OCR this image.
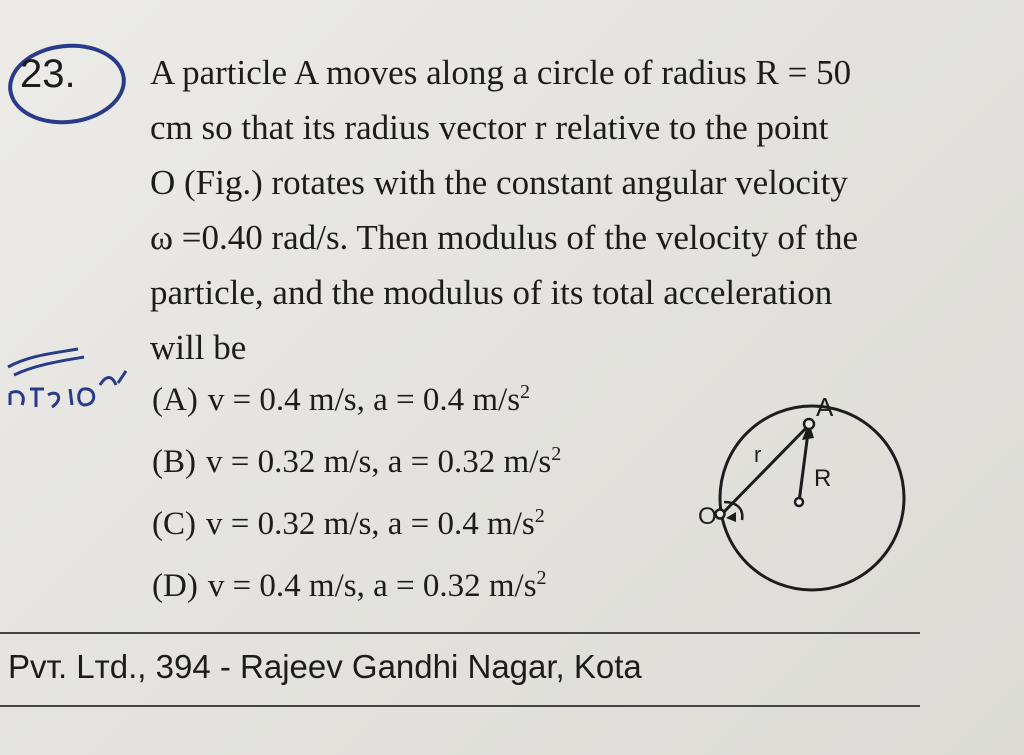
23. A particle A moves along a circle of radius R = 50
cm so that its radius vector r relative to the point
O (Fig.) rotates with the constant angular velocity
ω =0.40 rad/s. Then modulus of the velocity of the
particle, and the modulus of its total acceleration
will be

(A) v = 0.4 m/s, a = 0.4 $m/s^2$
(B) v = 0.32 m/s, a = 0.32 $m/s^2$
(C) v = 0.32 m/s, a = 0.4 $m/s^2$
(D) v = 0.4 m/s, a = 0.32 $m/s^2$
A
r
R
O
Pvт. Lтd., 394 - Rajeev Gandhi Nagar, Kota
